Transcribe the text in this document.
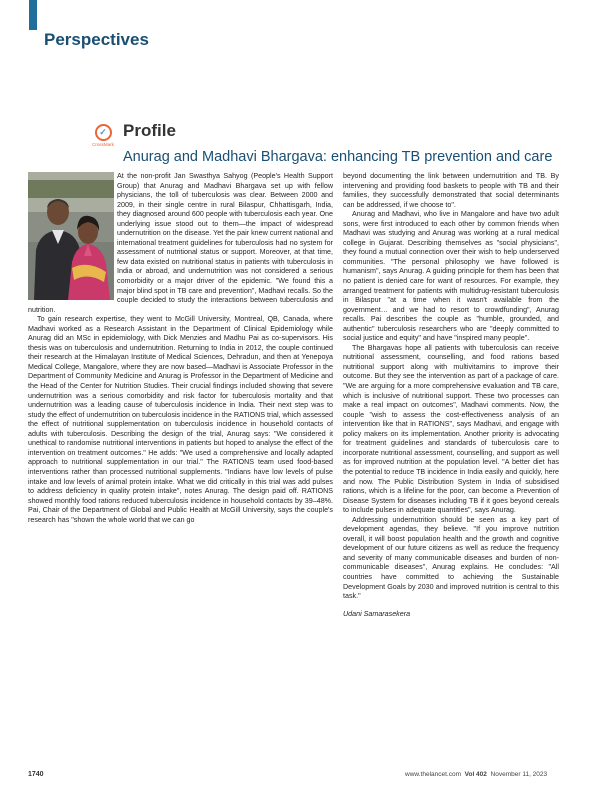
Perspectives
✓
CrossMark
Profile
Anurag and Madhavi Bhargava: enhancing TB prevention and care

At the non-profit Jan Swasthya Sahyog (People's Health Support Group) that Anurag and Madhavi Bhargava set up with fellow physicians, the toll of tuberculosis was clear. Between 2000 and 2009, in their single centre in rural Bilaspur, Chhattisgarh, India, they diagnosed around 600 people with tuberculosis each year. One underlying issue stood out to them—the impact of widespread undernutrition on the disease. Yet the pair knew current national and international treatment guidelines for tuberculosis had no system for assessment of nutritional status or support. Moreover, at that time, few data existed on nutritional status in patients with tuberculosis in India or abroad, and undernutrition was not considered a serious comorbidity or a major driver of the epidemic. "We found this a major blind spot in TB care and prevention", Madhavi recalls. So the couple decided to study the interactions between tuberculosis and nutrition.

To gain research expertise, they went to McGill University, Montreal, QB, Canada, where Madhavi worked as a Research Assistant in the Department of Clinical Epidemiology while Anurag did an MSc in epidemiology, with Dick Menzies and Madhu Pai as co-supervisors. His thesis was on tuberculosis and undernutrition. Returning to India in 2012, the couple continued their research at the Himalayan Institute of Medical Sciences, Dehradun, and then at Yenepoya Medical College, Mangalore, where they are now based—Madhavi is Associate Professor in the Department of Community Medicine and Anurag is Professor in the Department of Medicine and the Head of the Center for Nutrition Studies. Their crucial findings included showing that severe undernutrition was a serious comorbidity and risk factor for tuberculosis mortality and that undernutrition was a leading cause of tuberculosis incidence in India. Their next step was to study the effect of undernutrition on tuberculosis incidence in the RATIONS trial, which assessed the effect of nutritional supplementation on tuberculosis incidence in household contacts of adults with tuberculosis. Describing the design of the trial, Anurag says: "We considered it unethical to randomise nutritional interventions in patients but hoped to analyse the effect of the intervention on treatment outcomes." He adds: "We used a comprehensive and locally adapted approach to nutritional supplementation in our trial." The RATIONS team used food-based interventions rather than processed nutritional supplements. "Indians have low levels of pulse intake and low levels of animal protein intake. What we did critically in this trial was add pulses to address deficiency in quality protein intake", notes Anurag. The design paid off. RATIONS showed monthly food rations reduced tuberculosis incidence in household contacts by 39–48%. Pai, Chair of the Department of Global and Public Health at McGill University, says the couple's research has "shown the whole world that we can go

beyond documenting the link between undernutrition and TB. By intervening and providing food baskets to people with TB and their families, they successfully demonstrated that social determinants can be addressed, if we choose to".

Anurag and Madhavi, who live in Mangalore and have two adult sons, were first introduced to each other by common friends when Madhavi was studying and Anurag was working at a rural medical college in Gujarat. Describing themselves as "social physicians", they found a mutual connection over their wish to help underserved communities. "The personal philosophy we have followed is humanism", says Anurag. A guiding principle for them has been that no patient is denied care for want of resources. For example, they arranged treatment for patients with multidrug-resistant tuberculosis in Bilaspur "at a time when it wasn't available from the government… and we had to resort to crowdfunding", Anurag recalls. Pai describes the couple as "humble, grounded, and authentic" tuberculosis researchers who are "deeply committed to social justice and equity" and have "inspired many people".

The Bhargavas hope all patients with tuberculosis can receive nutritional assessment, counselling, and food rations based nutritional support along with multivitamins to improve their outcome. But they see the intervention as part of a package of care. "We are arguing for a more comprehensive evaluation and TB care, which is inclusive of nutritional support. These two processes can make a real impact on outcomes", Madhavi comments. Now, the couple "wish to assess the cost-effectiveness analysis of an intervention like that in RATIONS", says Madhavi, and engage with policy makers on its implementation. Another priority is advocating for treatment guidelines and standards of tuberculosis care to incorporate nutritional assessment, counselling, and support as well as for improved nutrition at the population level. "A better diet has the potential to reduce TB incidence in India easily and quickly, here and now. The Public Distribution System in India of subsidised rations, which is a lifeline for the poor, can become a Prevention of Disease System for diseases including TB if it goes beyond cereals to include pulses in adequate quantities", says Anurag.

Addressing undernutrition should be seen as a key part of development agendas, they believe. "If you improve nutrition overall, it will boost population health and the growth and cognitive development of our future citizens as well as reduce the frequency and severity of many communicable diseases and burden of non-communicable diseases", Anurag explains. He concludes: "All countries have committed to achieving the Sustainable Development Goals by 2030 and improved nutrition is central to this task."

Udani Samarasekera

1740	www.thelancet.com Vol 402 November 11, 2023
